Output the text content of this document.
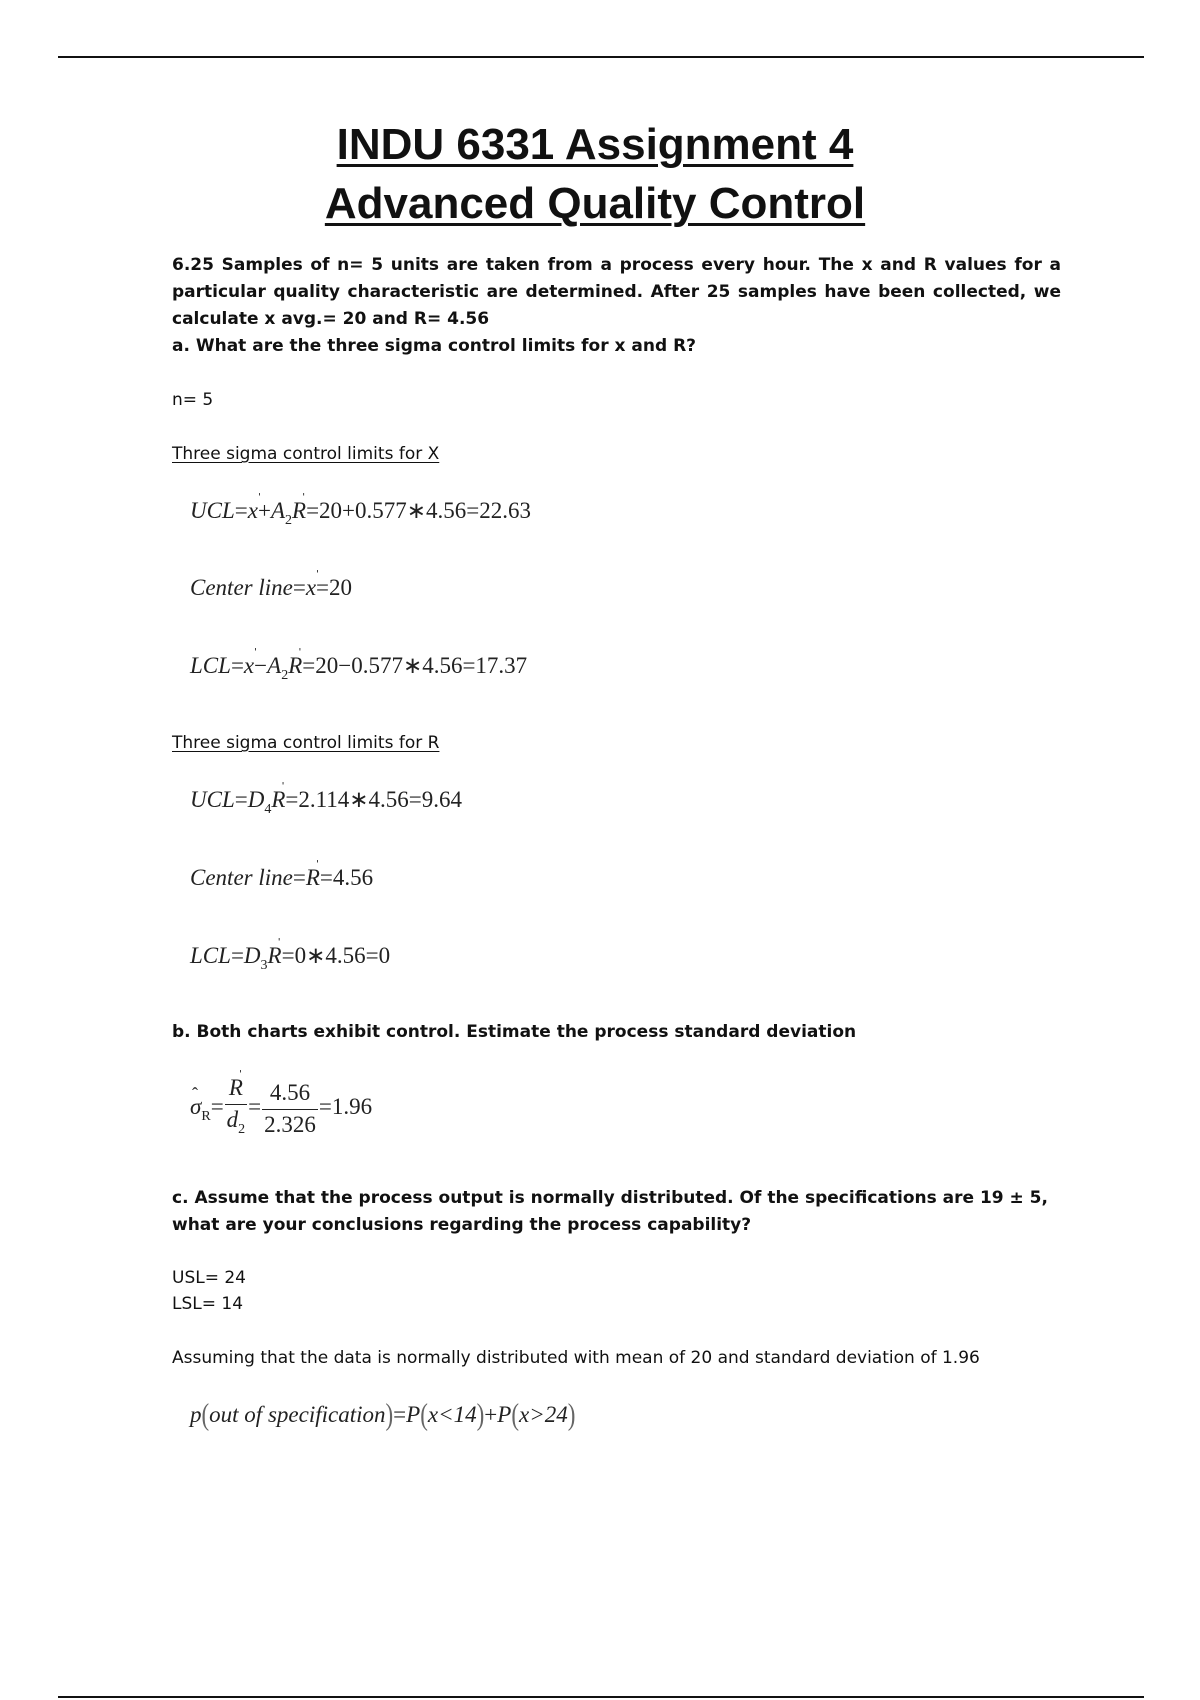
INDU 6331 Assignment 4
Advanced Quality Control
6.25 Samples of n= 5 units are taken from a process every hour. The x and R values for a particular quality characteristic are determined. After 25 samples have been collected, we calculate x avg.= 20 and R= 4.56
a. What are the three sigma control limits for x and R?
n= 5
Three sigma control limits for X
UCL=ˈ $x+A_2ˈ$ R=20+0.577∗4.56=22.63
Center line=ˈ x=20
LCL=ˈ $x-A_2ˈ$ R=20−0.577∗4.56=17.37
Three sigma control limits for R
$UCL=D_4ˈ$ R=2.114∗4.56=9.64
Center line=ˈ R=4.56
$LCL=D_3ˈ$ R=0∗4.56=0
b. Both charts exhibit control. Estimate the process standard deviation
ˆ $\sigma_R=$
ˈ $\frac{R}{d_2} = \frac{4.56}{2.326} =1.96$
c. Assume that the process output is normally distributed. Of the specifications are 19 ± 5, what are your conclusions regarding the process capability?
USL= 24
LSL= 14
Assuming that the data is normally distributed with mean of 20 and standard deviation of 1.96
p(out of specification)=P(x<14)+P(x>24)
